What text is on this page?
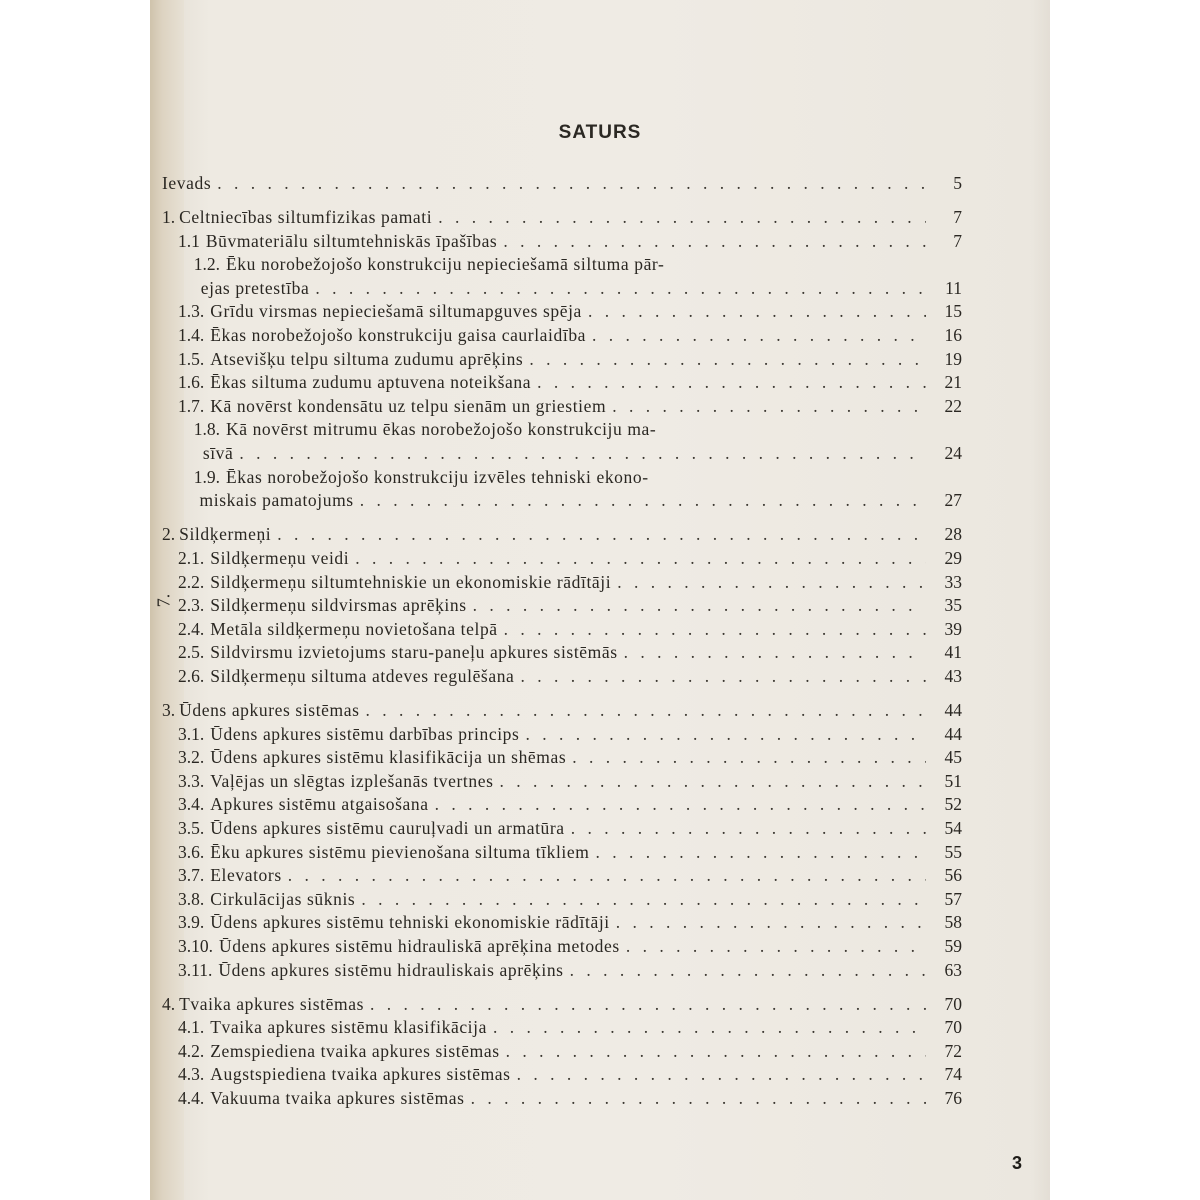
SATURS
7.
Ievads . . .	5
1. Celtniecības siltumfizikas pamati . . .	7
1.1 Būvmateriālu siltumtehniskās īpašības . . .	7
1.2. Ēku norobežojošo konstrukciju nepieciešamā siltuma pār-
ejas pretestība . . .	11
1.3. Grīdu virsmas nepieciešamā siltumapguves spēja . . .	15
1.4. Ēkas norobežojošo konstrukciju gaisa caurlaidība . . .	16
1.5. Atsevišķu telpu siltuma zudumu aprēķins . . .	19
1.6. Ēkas siltuma zudumu aptuvena noteikšana . . .	21
1.7. Kā novērst kondensātu uz telpu sienām un griestiem . . .	22
1.8. Kā novērst mitrumu ēkas norobežojošo konstrukciju ma-
sīvā . . .	24
1.9. Ēkas norobežojošo konstrukciju izvēles tehniski ekono-
miskais pamatojums . . .	27
2. Sildķermeņi . . .	28
2.1. Sildķermeņu veidi . . .	29
2.2. Sildķermeņu siltumtehniskie un ekonomiskie rādītāji . . .	33
2.3. Sildķermeņu sildvirsmas aprēķins . . .	35
2.4. Metāla sildķermeņu novietošana telpā . . .	39
2.5. Sildvirsmu izvietojums staru-paneļu apkures sistēmās . . .	41
2.6. Sildķermeņu siltuma atdeves regulēšana . . .	43
3. Ūdens apkures sistēmas . . .	44
3.1. Ūdens apkures sistēmu darbības princips . . .	44
3.2. Ūdens apkures sistēmu klasifikācija un shēmas . . .	45
3.3. Vaļējas un slēgtas izplešanās tvertnes . . .	51
3.4. Apkures sistēmu atgaisošana . . .	52
3.5. Ūdens apkures sistēmu cauruļvadi un armatūra . . .	54
3.6. Ēku apkures sistēmu pievienošana siltuma tīkliem . . .	55
3.7. Elevators . . .	56
3.8. Cirkulācijas sūknis . . .	57
3.9. Ūdens apkures sistēmu tehniski ekonomiskie rādītāji . . .	58
3.10. Ūdens apkures sistēmu hidrauliskā aprēķina metodes . . .	59
3.11. Ūdens apkures sistēmu hidrauliskais aprēķins . . .	63
4. Tvaika apkures sistēmas . . .	70
4.1. Tvaika apkures sistēmu klasifikācija . . .	70
4.2. Zemspiediena tvaika apkures sistēmas . . .	72
4.3. Augstspiediena tvaika apkures sistēmas . . .	74
4.4. Vakuuma tvaika apkures sistēmas . . .	76
3
